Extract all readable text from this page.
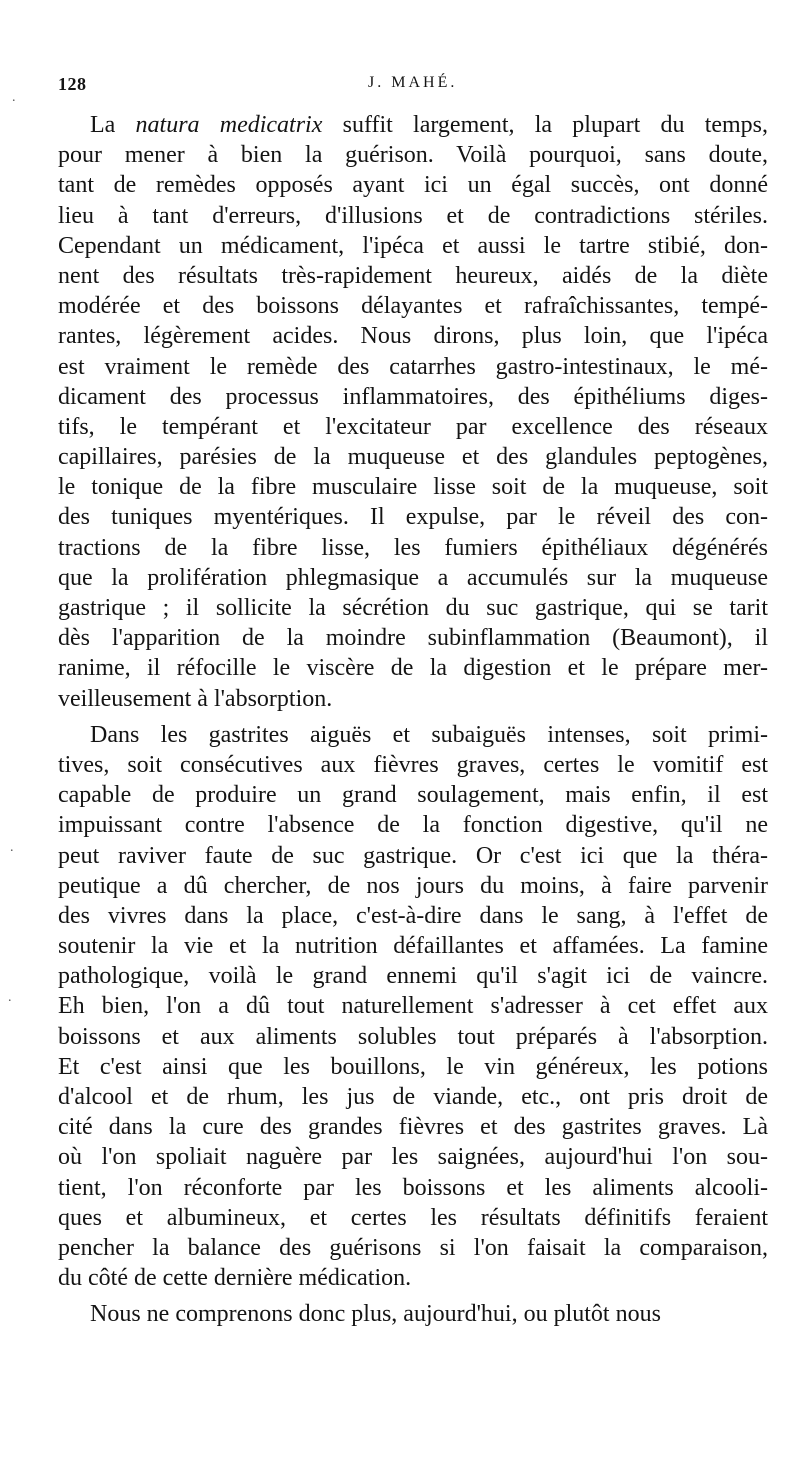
128	J. MAHÉ.
.
.
.
La natura medicatrix suffit largement, la plupart du temps,
pour mener à bien la guérison. Voilà pourquoi, sans doute,
tant de remèdes opposés ayant ici un égal succès, ont donné
lieu à tant d'erreurs, d'illusions et de contradictions stériles.
Cependant un médicament, l'ipéca et aussi le tartre stibié, don-
nent des résultats très-rapidement heureux, aidés de la diète
modérée et des boissons délayantes et rafraîchissantes, tempé-
rantes, légèrement acides. Nous dirons, plus loin, que l'ipéca
est vraiment le remède des catarrhes gastro-intestinaux, le mé-
dicament des processus inflammatoires, des épithéliums diges-
tifs, le tempérant et l'excitateur par excellence des réseaux
capillaires, parésies de la muqueuse et des glandules peptogènes,
le tonique de la fibre musculaire lisse soit de la muqueuse, soit
des tuniques myentériques. Il expulse, par le réveil des con-
tractions de la fibre lisse, les fumiers épithéliaux dégénérés
que la prolifération phlegmasique a accumulés sur la muqueuse
gastrique ; il sollicite la sécrétion du suc gastrique, qui se tarit
dès l'apparition de la moindre subinflammation (Beaumont), il
ranime, il réfocille le viscère de la digestion et le prépare mer-
veilleusement à l'absorption.
Dans les gastrites aiguës et subaiguës intenses, soit primi-
tives, soit consécutives aux fièvres graves, certes le vomitif est
capable de produire un grand soulagement, mais enfin, il est
impuissant contre l'absence de la fonction digestive, qu'il ne
peut raviver faute de suc gastrique. Or c'est ici que la théra-
peutique a dû chercher, de nos jours du moins, à faire parvenir
des vivres dans la place, c'est-à-dire dans le sang, à l'effet de
soutenir la vie et la nutrition défaillantes et affamées. La famine
pathologique, voilà le grand ennemi qu'il s'agit ici de vaincre.
Eh bien, l'on a dû tout naturellement s'adresser à cet effet aux
boissons et aux aliments solubles tout préparés à l'absorption.
Et c'est ainsi que les bouillons, le vin généreux, les potions
d'alcool et de rhum, les jus de viande, etc., ont pris droit de
cité dans la cure des grandes fièvres et des gastrites graves. Là
où l'on spoliait naguère par les saignées, aujourd'hui l'on sou-
tient, l'on réconforte par les boissons et les aliments alcooli-
ques et albumineux, et certes les résultats définitifs feraient
pencher la balance des guérisons si l'on faisait la comparaison,
du côté de cette dernière médication.
Nous ne comprenons donc plus, aujourd'hui, ou plutôt nous
